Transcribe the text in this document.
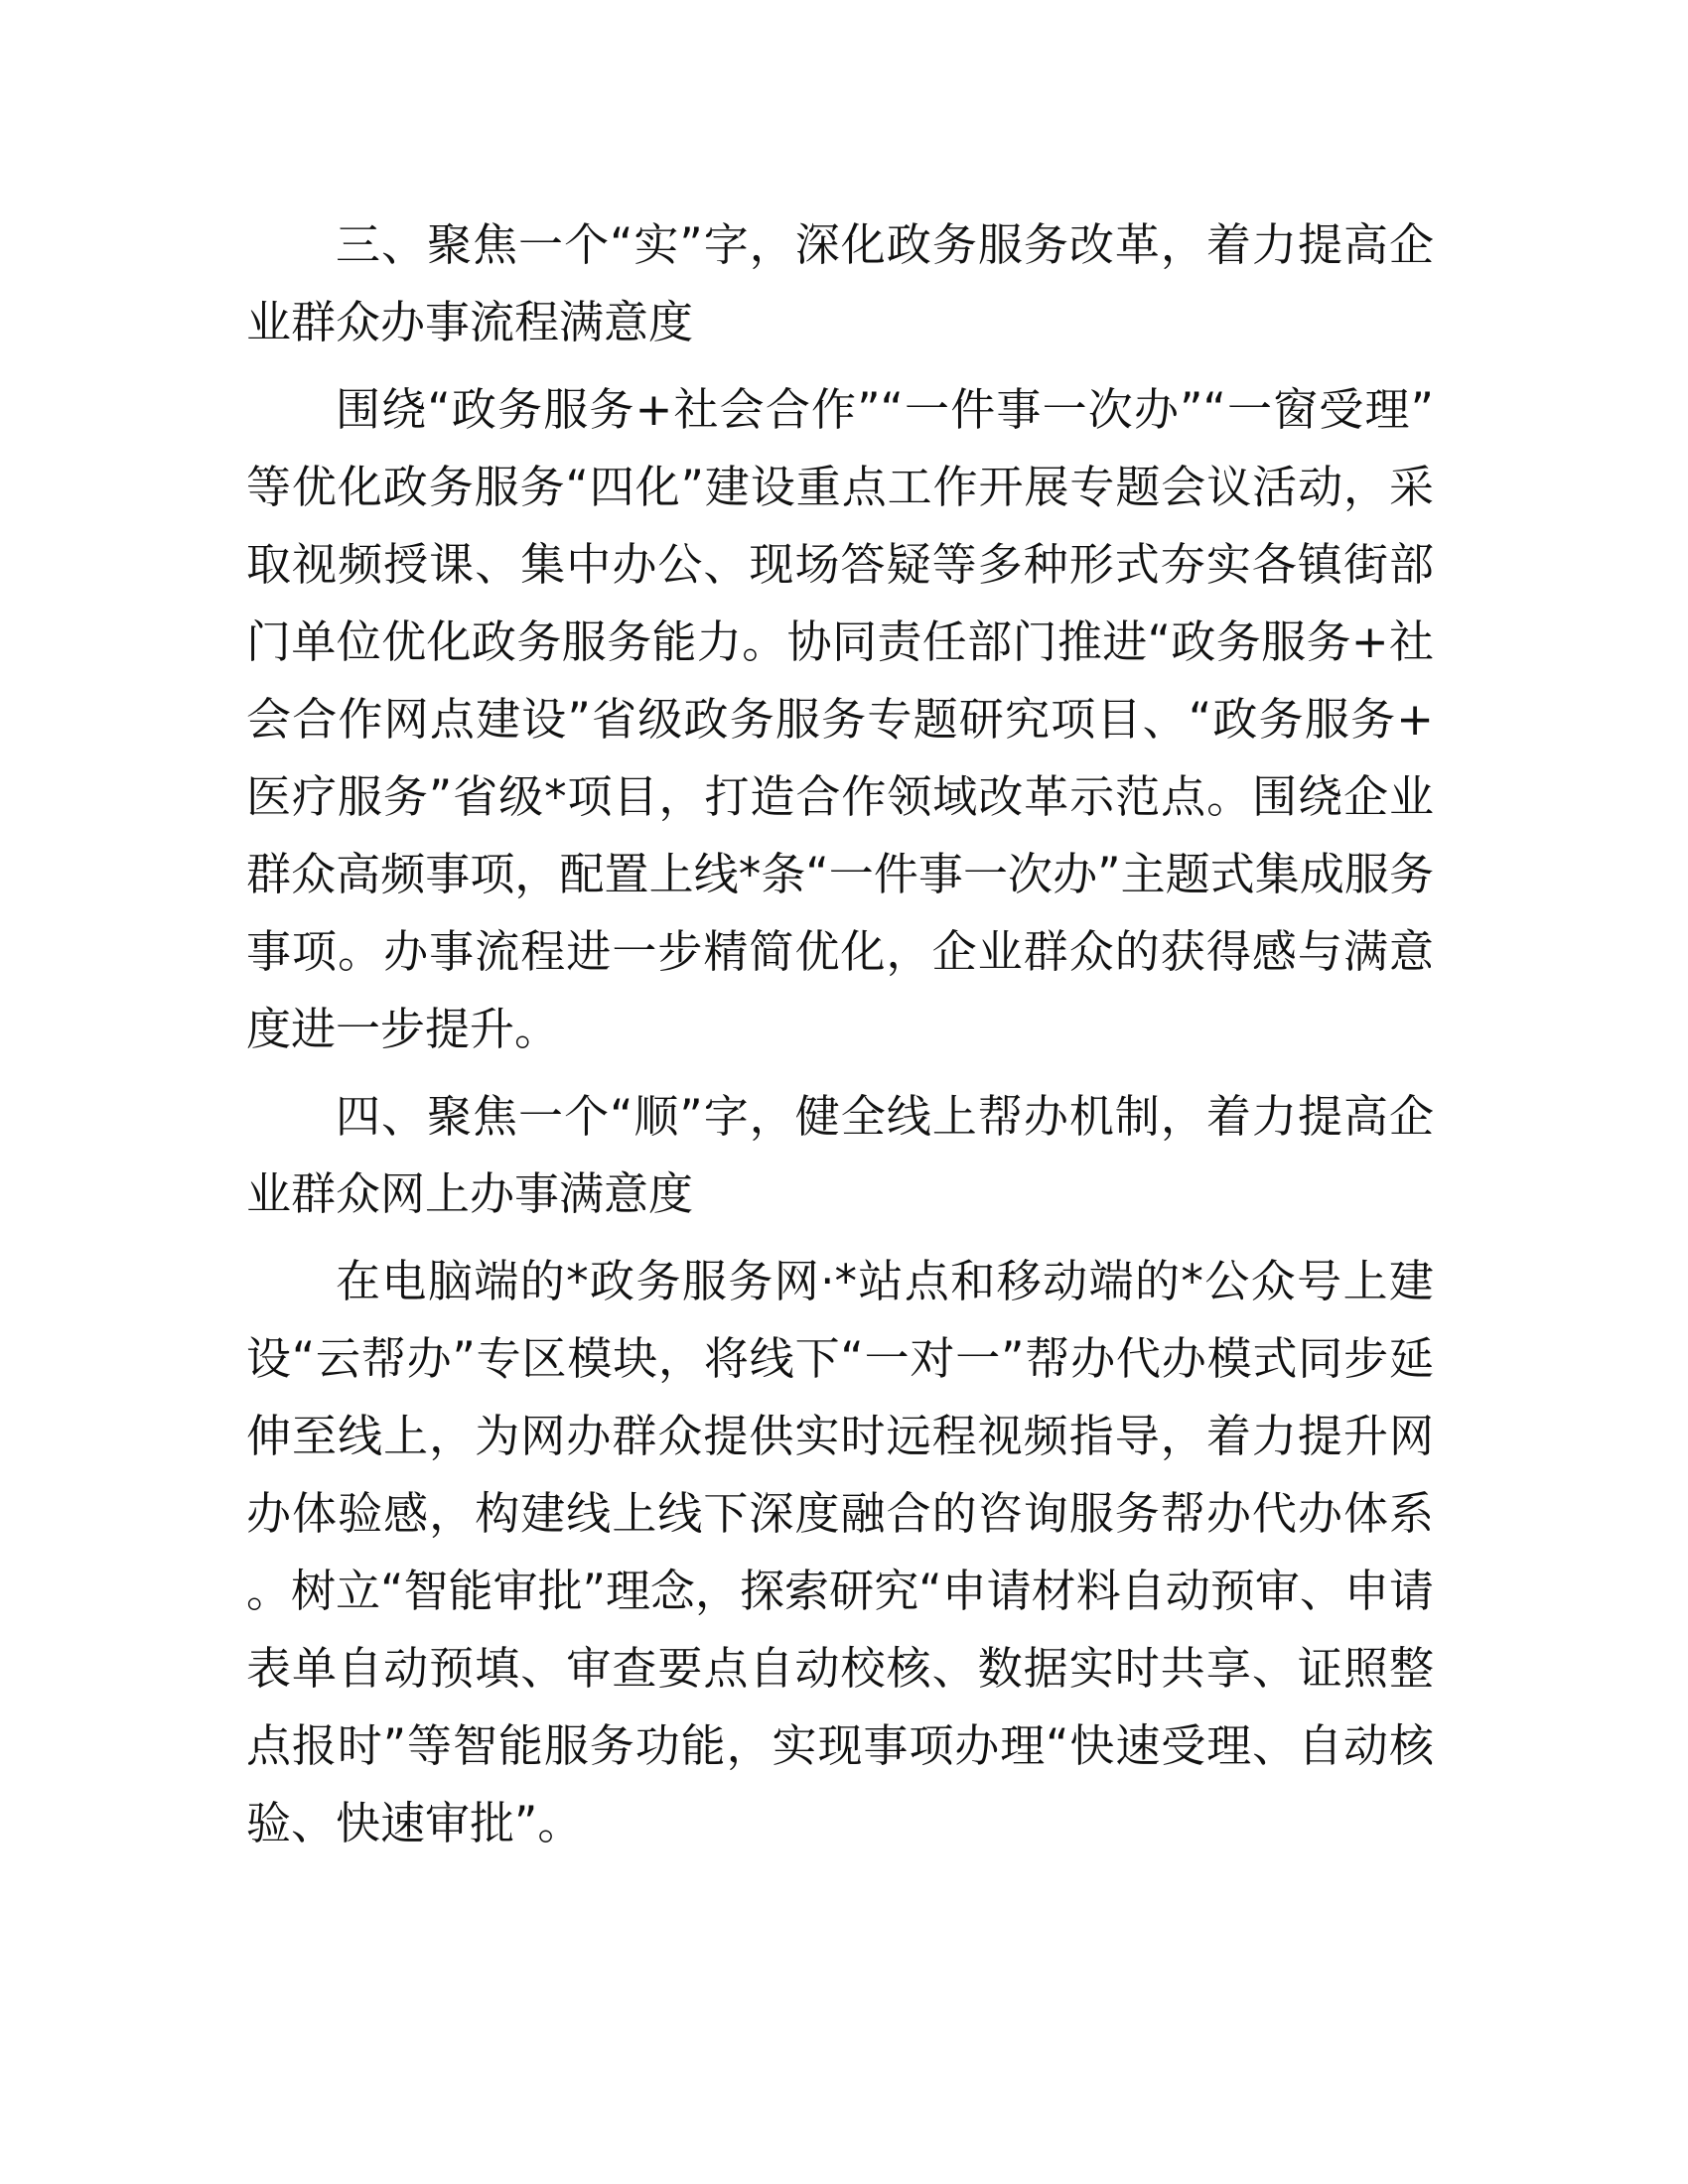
三、聚焦一个“实”字，深化政务服务改革，着力提高企业群众办事流程满意度

围绕“政务服务+社会合作”“一件事一次办”“一窗受理”等优化政务服务“四化”建设重点工作开展专题会议活动，采取视频授课、集中办公、现场答疑等多种形式夯实各镇街部门单位优化政务服务能力。协同责任部门推进“政务服务+社会合作网点建设”省级政务服务专题研究项目、“政务服务+医疗服务”省级*项目，打造合作领域改革示范点。围绕企业群众高频事项，配置上线*条“一件事一次办”主题式集成服务事项。办事流程进一步精简优化，企业群众的获得感与满意度进一步提升。

四、聚焦一个“顺”字，健全线上帮办机制，着力提高企业群众网上办事满意度

在电脑端的*政务服务网·*站点和移动端的*公众号上建设“云帮办”专区模块，将线下“一对一”帮办代办模式同步延伸至线上，为网办群众提供实时远程视频指导，着力提升网办体验感，构建线上线下深度融合的咨询服务帮办代办体系。树立“智能审批”理念，探索研究“申请材料自动预审、申请表单自动预填、审查要点自动校核、数据实时共享、证照整点报时”等智能服务功能，实现事项办理“快速受理、自动核验、快速审批”。
